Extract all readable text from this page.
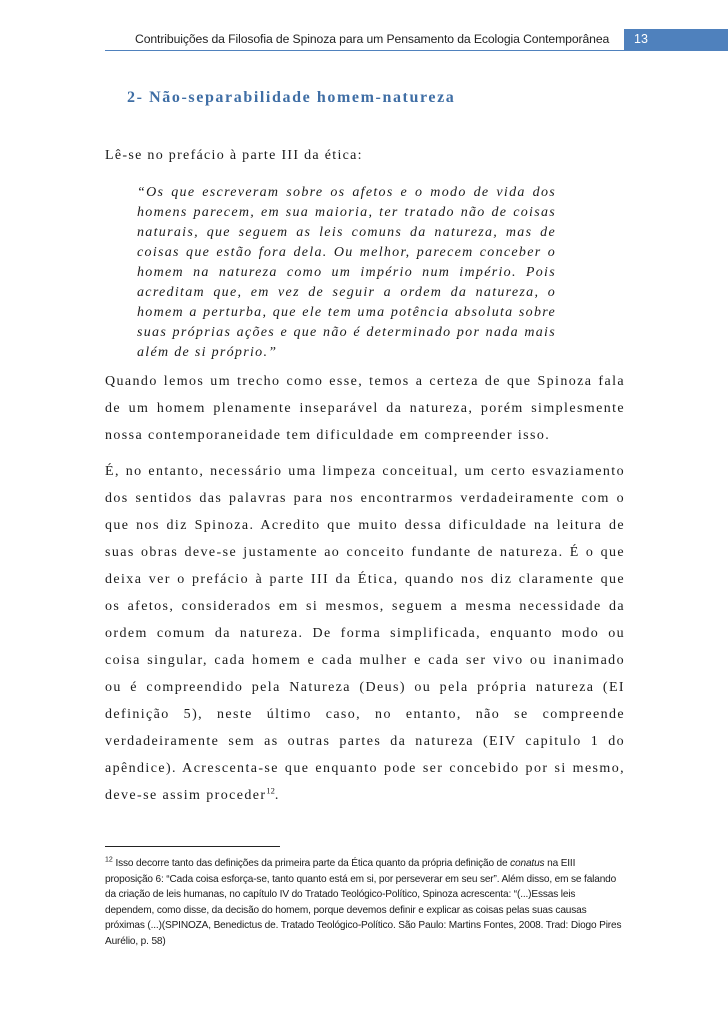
Contribuições da Filosofia de Spinoza para um Pensamento da Ecologia Contemporânea	13
2- Não-separabilidade homem-natureza

Lê-se no prefácio à parte III da ética:

“Os que escreveram sobre os afetos e o modo de vida dos homens parecem, em sua maioria, ter tratado não de coisas naturais, que seguem as leis comuns da natureza, mas de coisas que estão fora dela. Ou melhor, parecem conceber o homem na natureza como um império num império. Pois acreditam que, em vez de seguir a ordem da natureza, o homem a perturba, que ele tem uma potência absoluta sobre suas próprias ações e que não é determinado por nada mais além de si próprio.”

Quando lemos um trecho como esse, temos a certeza de que Spinoza fala de um homem plenamente inseparável da natureza, porém simplesmente nossa contemporaneidade tem dificuldade em compreender isso.

É, no entanto, necessário uma limpeza conceitual, um certo esvaziamento dos sentidos das palavras para nos encontrarmos verdadeiramente com o que nos diz Spinoza. Acredito que muito dessa dificuldade na leitura de suas obras deve-se justamente ao conceito fundante de natureza. É o que deixa ver o prefácio à parte III da Ética, quando nos diz claramente que os afetos, considerados em si mesmos, seguem a mesma necessidade da ordem comum da natureza. De forma simplificada, enquanto modo ou coisa singular, cada homem e cada mulher e cada ser vivo ou inanimado ou é compreendido pela Natureza (Deus) ou pela própria natureza (EI definição 5), neste último caso, no entanto, não se compreende verdadeiramente sem as outras partes da natureza (EIV capitulo 1 do apêndice). Acrescenta-se que enquanto pode ser concebido por si mesmo, deve-se assim proceder$^{12}$.

$^{12}$ Isso decorre tanto das definições da primeira parte da Ética quanto da própria definição de conatus na EIII proposição 6: “Cada coisa esforça-se, tanto quanto está em si, por perseverar em seu ser”. Além disso, em se falando da criação de leis humanas, no capítulo IV do Tratado Teológico-Político, Spinoza acrescenta: “(...)Essas leis dependem, como disse, da decisão do homem, porque devemos definir e explicar as coisas pelas suas causas próximas (...)(SPINOZA, Benedictus de. Tratado Teológico-Político. São Paulo: Martins Fontes, 2008. Trad: Diogo Pires Aurélio, p. 58)
